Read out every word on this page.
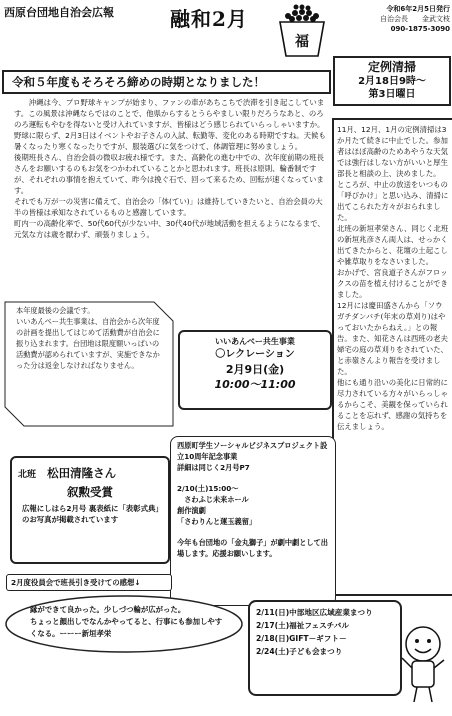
西原台団地自治会広報	融和2月
福
令和6年2月5日発行
自治会長　　金武文枝
090-1875-3090
令和５年度もそろそろ締めの時期となりました！
定例清掃
2月18日9時～
第3日曜日
沖縄は今、プロ野球キャンプが始まり、ファンの車があちこちで渋滞を引き起こしています。この風景は沖縄ならではのことで、他県からするとうらやましい限りだろうなあと、のろのろ運転もやむを得ないと受け入れていますが、皆様はどう感じられていらっしゃいますか。
野球に限らず、2月3日はイベントやお子さんの入試、転勤等、変化のある時期ですね。天候も暑くなったり寒くなったりですが、服装選びに気をつけて、体調管理に努めましょう。
後期班長さん、自治会員の微収お疲れ様です。また、高齢化の進む中での、次年度前期の班長さんをお願いするのもお気をつかわれていることかと思われます。班長は原則、輪番制ですが、それぞれの事情を抱えていて、昨今は挽ぐ石で、回って来るため、回転が速くなっています。
それでも万が一の災害に備えて、自治会の「体(てい)」は維持していきたいと、自治会員の大半の皆様は承知なされているものと感謝しています。
町内一の高齢化率で、50代60代が少ない中、30代40代が地域活動を担えるようになるまで、元気な方は歳を厭わず、頑張りましょう。
11月、12月、1月の定例清掃は3か月たて続きに中止でした。参加者はほぼ高齢のためあやうな天気では強行はしない方がいいと厚生部長と相談の上、決めました。
ところが、中止の放送をいつもの「呼びかけ」と思い込み、清掃に出てこられた方々がおられました。
北班の新垣孝栄さん、同じく北班の新垣兆彦さん両人は、せっかく出てきたからと、花壇の土起こしや雑草取りをなさいました。
おかげで、宮良道子さんがフロックスの苗を植え付けることができました。
12月には慶田盛さんから「ソウガチダンバチ(年末の草刈り)はやっておいたからねえ。」との報告。また、知花さんは西班の老夫婦宅の庭の草刈りをされていた、と赤嶺さんより報告を受けました。
他にも通り沿いの美化に日常的に尽力されている方々がいらっしゃるからこそ、美観を保っていられることを忘れず、感謝の気持ちを伝えましょう。
本年度最後の会議です。
いいあんべー共生事業は、自治会から次年度の計画を提出してはじめて活動費が自治会に振り込まれます。台団地は限度額いっぱいの活動費が認められていますが、実施できなかった分は返金しなければなりません。
いいあんべー共生事業
〇レクレーション
2月9日(金)
10:00～11:00
北班 松田清隆さん
叙勲受賞
広報にしはら2月号 裏表紙に「表彰式典」のお写真が掲載されています
西原町学生ソーシャルビジネスプロジェクト設立10周年記念事業
詳細は同じく2月号P7

2/10(土)15:00～
　さわふじ未来ホール
創作演劇
「さわりんと運玉義留」

今年も台団地の「金丸獅子」が劇中劇として出場します。応援お願いします。
2月度役員会で班長引き受けての感想↓
縁ができて良かった。少しづつ輪が広がった。
ちょっと顔出しでなんかやってると、行事にも参加しやすくなる。ーーー新垣孝栄
2/11(日)中部地区広域産業まつり
2/17(土)福祉フェスチバル
2/18(日)GIFT－ギフト－
2/24(土)子ども会まつり
